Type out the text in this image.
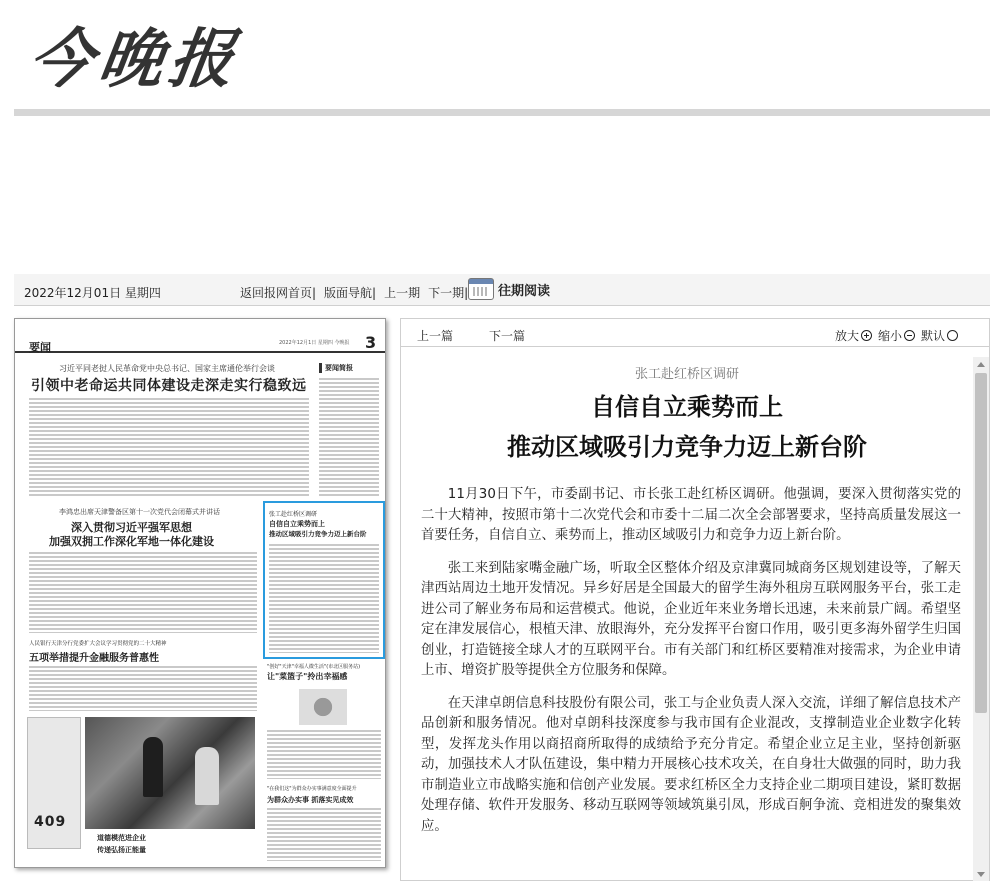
今晚报
2022年12月01日 星期四	返回报网首页| 版面导航| 上一期 下一期| 往期阅读
要闻	2022年12月1日 星期四 今晚报 3
习近平同老挝人民革命党中央总书记、国家主席通伦举行会谈
引领中老命运共同体建设走深走实行稳致远
要闻简报
李鸿忠出席天津警备区第十一次党代会闭幕式并讲话
深入贯彻习近平强军思想
加强双拥工作深化军地一体化建设
张工赴红桥区调研
自信自立乘势而上
推动区域吸引力竞争力迈上新台阶
人民银行天津分行党委扩大会议学习贯彻党的二十大精神
五项举措提升金融服务普惠性
"创好"天津"幸福人微生活"(市北区服务站)
让"菜篮子"拎出幸福感
409
道德模范进企业
传递弘扬正能量
"在我们这"为群众办实事满意度全面提升
为群众办实事 抓落实见成效
上一篇	下一篇	放大 缩小 默认
张工赴红桥区调研
自信自立乘势而上
推动区域吸引力竞争力迈上新台阶

11月30日下午，市委副书记、市长张工赴红桥区调研。他强调，要深入贯彻落实党的二十大精神，按照市第十二次党代会和市委十二届二次全会部署要求，坚持高质量发展这一首要任务，自信自立、乘势而上，推动区域吸引力和竞争力迈上新台阶。

张工来到陆家嘴金融广场，听取全区整体介绍及京津冀同城商务区规划建设等，了解天津西站周边土地开发情况。异乡好居是全国最大的留学生海外租房互联网服务平台，张工走进公司了解业务布局和运营模式。他说，企业近年来业务增长迅速，未来前景广阔。希望坚定在津发展信心，根植天津、放眼海外，充分发挥平台窗口作用，吸引更多海外留学生归国创业，打造链接全球人才的互联网平台。市有关部门和红桥区要精准对接需求，为企业申请上市、增资扩股等提供全方位服务和保障。

在天津卓朗信息科技股份有限公司，张工与企业负责人深入交流，详细了解信息技术产品创新和服务情况。他对卓朗科技深度参与我市国有企业混改，支撑制造业企业数字化转型，发挥龙头作用以商招商所取得的成绩给予充分肯定。希望企业立足主业，坚持创新驱动，加强技术人才队伍建设，集中精力开展核心技术攻关，在自身壮大做强的同时，助力我市制造业立市战略实施和信创产业发展。要求红桥区全力支持企业二期项目建设，紧盯数据处理存储、软件开发服务、移动互联网等领域筑巢引凤，形成百舸争流、竞相进发的聚集效应。
